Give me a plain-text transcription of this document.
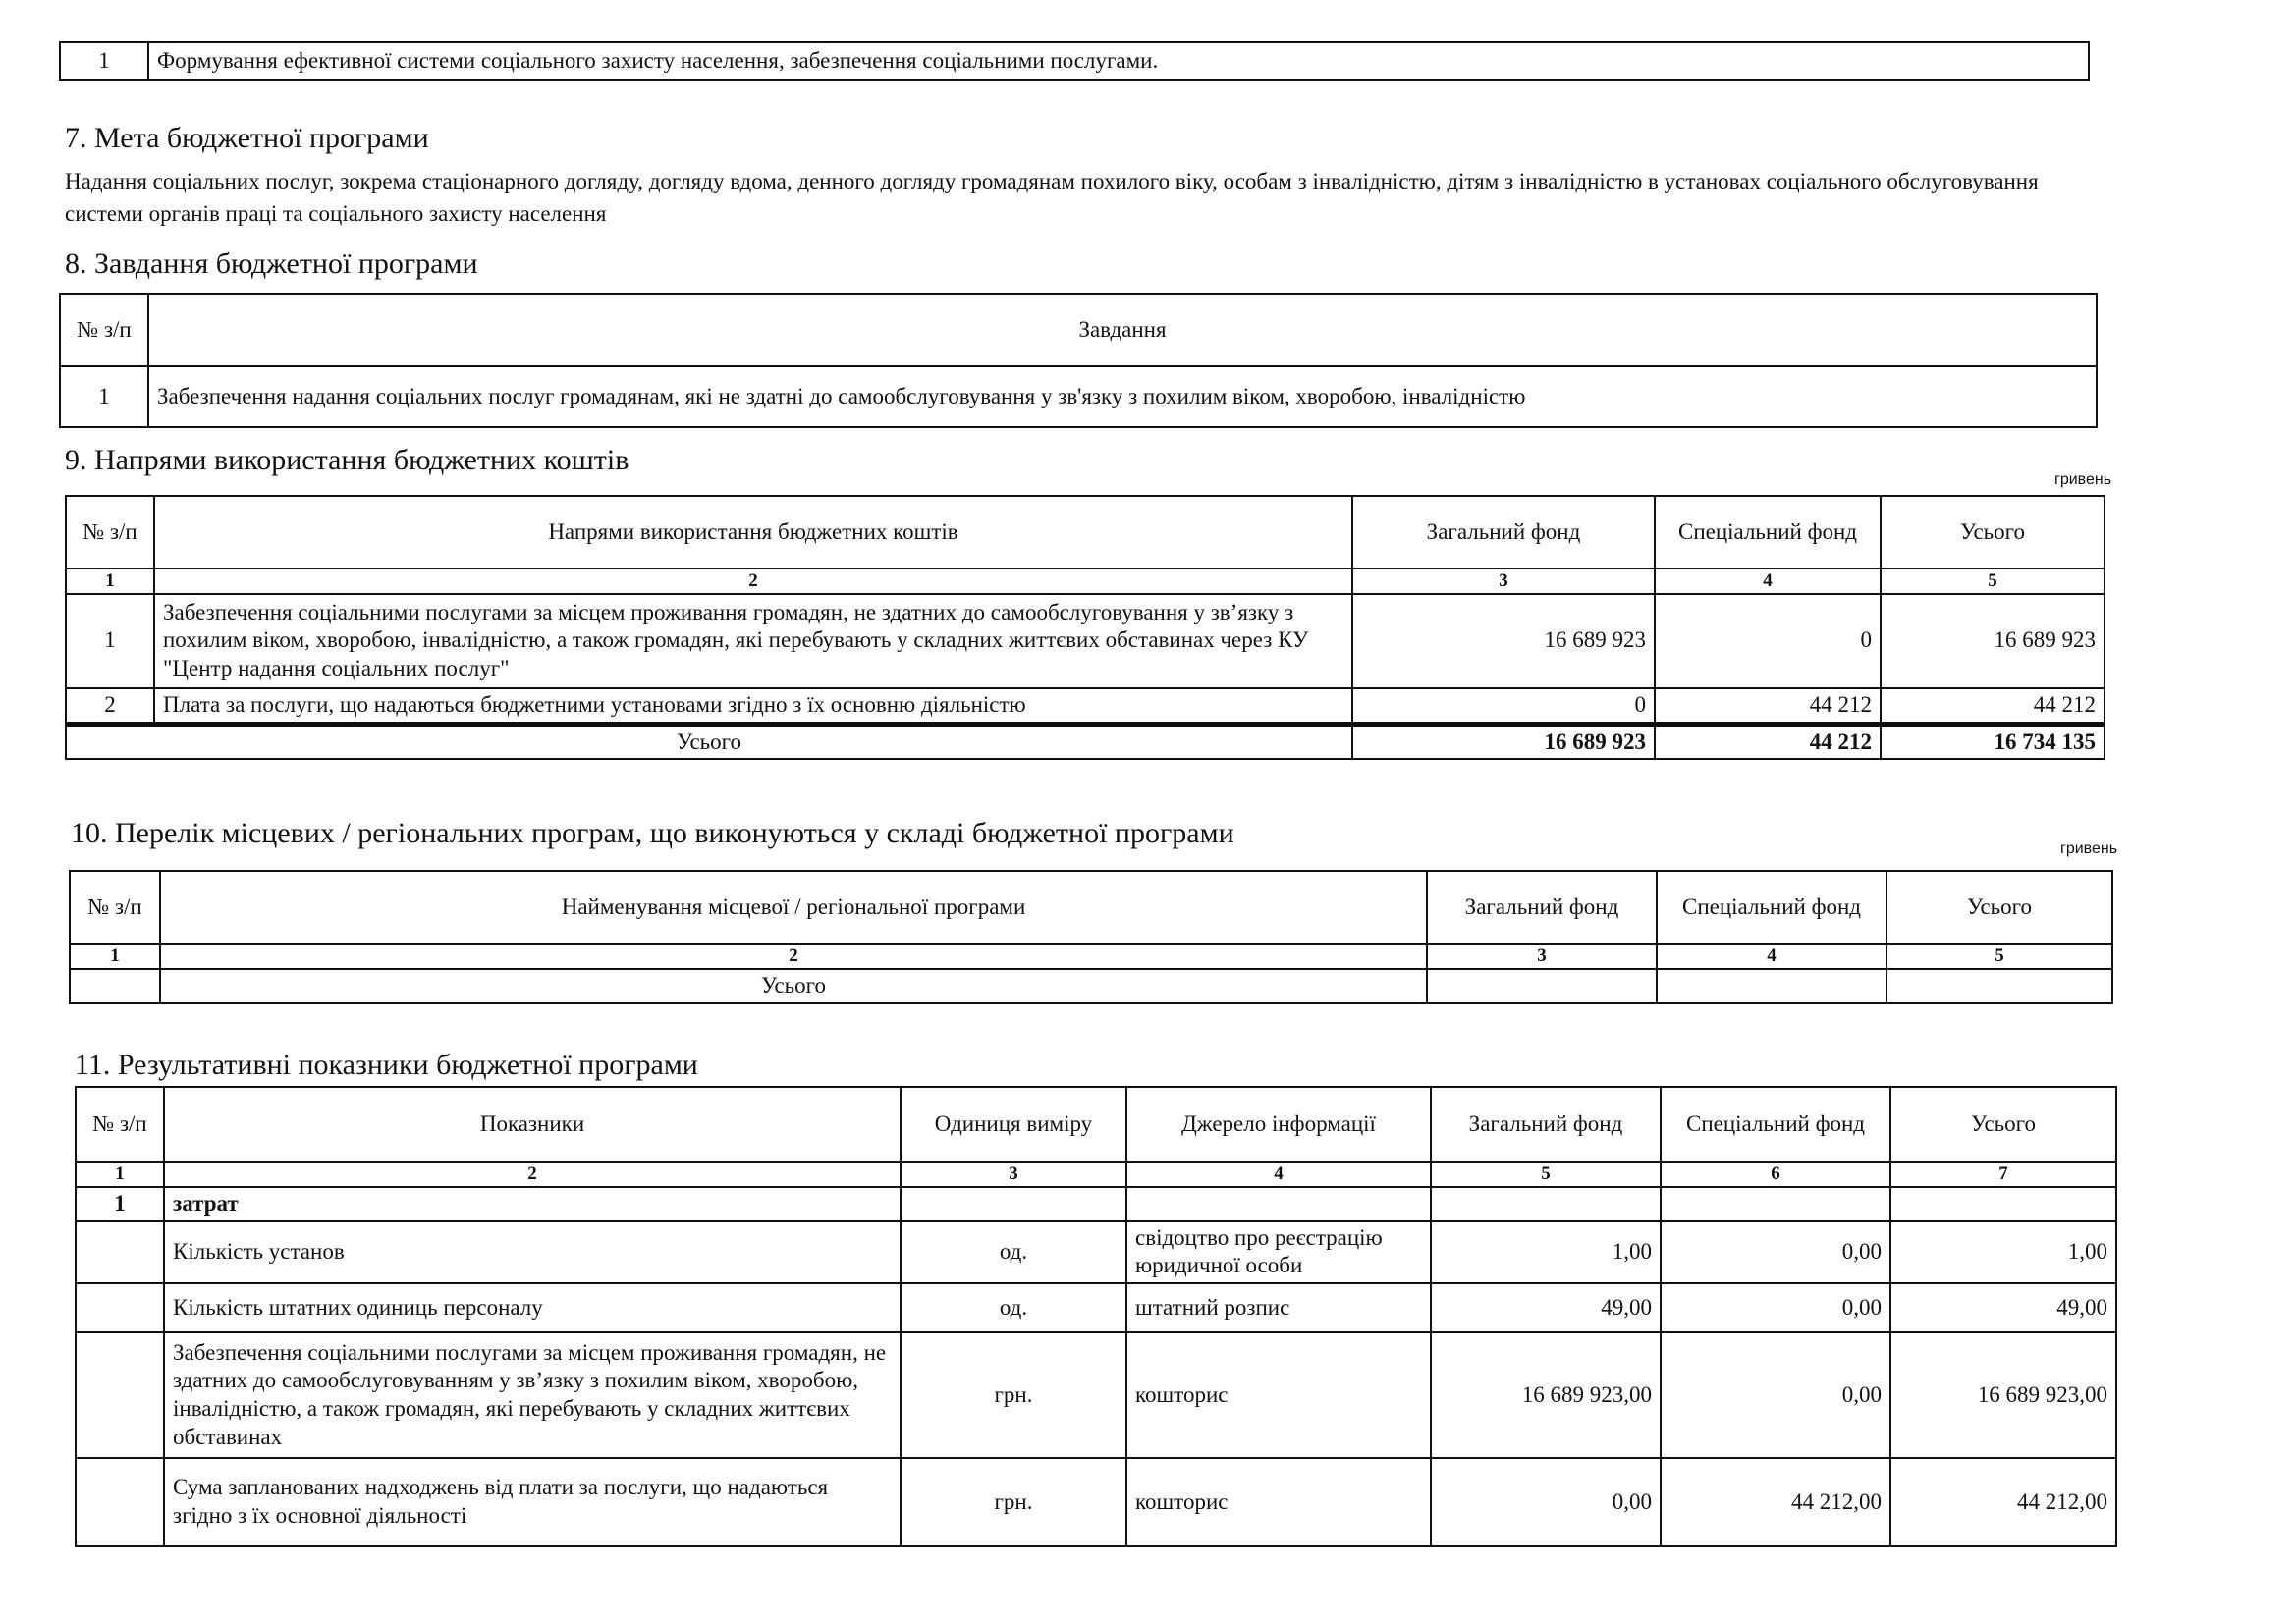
1	Формування ефективної системи соціального захисту населення, забезпечення соціальними послугами.
7. Мета бюджетної програми
Надання соціальних послуг, зокрема стаціонарного догляду, догляду вдома, денного догляду громадянам похилого віку, особам з інвалідністю, дітям з інвалідністю в установах соціального обслуговування системи органів праці та соціального захисту населення
8. Завдання бюджетної програми
№ з/п	Завдання
1	Забезпечення надання соціальних послуг громадянам, які не здатні до самообслуговування у зв'язку з похилим віком, хворобою, інвалідністю
9. Напрями використання бюджетних коштів
гривень
№ з/п	Напрями використання бюджетних коштів	Загальний фонд	Спеціальний фонд	Усього
1	2	3	4	5
1	Забезпечення соціальними послугами за місцем проживання громадян, не здатних до самообслуговування у зв’язку з похилим віком, хворобою, інвалідністю, а також громадян, які перебувають у складних життєвих обставинах через КУ "Центр надання соціальних послуг"	16 689 923	0	16 689 923
2	Плата за послуги, що надаються бюджетними установами згідно з їх основню діяльністю	0	44 212	44 212
Усього		16 689 923	44 212	16 734 135
10. Перелік місцевих / регіональних програм, що виконуються у складі бюджетної програми	гривень
№ з/п	Найменування місцевої / регіональної програми	Загальний фонд	Спеціальний фонд	Усього
1	2	3	4	5
	Усього			
11. Результативні показники бюджетної програми
№ з/п	Показники	Одиниця виміру	Джерело інформації	Загальний фонд	Спеціальний фонд	Усього
1	2	3	4	5	6	7
1	затрат					
	Кількість установ	од.	свідоцтво про реєстрацію юридичної особи	1,00	0,00	1,00
	Кількість штатних одиниць персоналу	од.	штатний розпис	49,00	0,00	49,00
	Забезпечення соціальними послугами за місцем проживання громадян, не здатних до самообслуговуванням у зв’язку з похилим віком, хворобою, інвалідністю, а також громадян, які перебувають у складних життєвих обставинах	грн.	кошторис	16 689 923,00	0,00	16 689 923,00
	Сума запланованих надходжень від плати за послуги, що надаються згідно з їх основної діяльності	грн.	кошторис	0,00	44 212,00	44 212,00
